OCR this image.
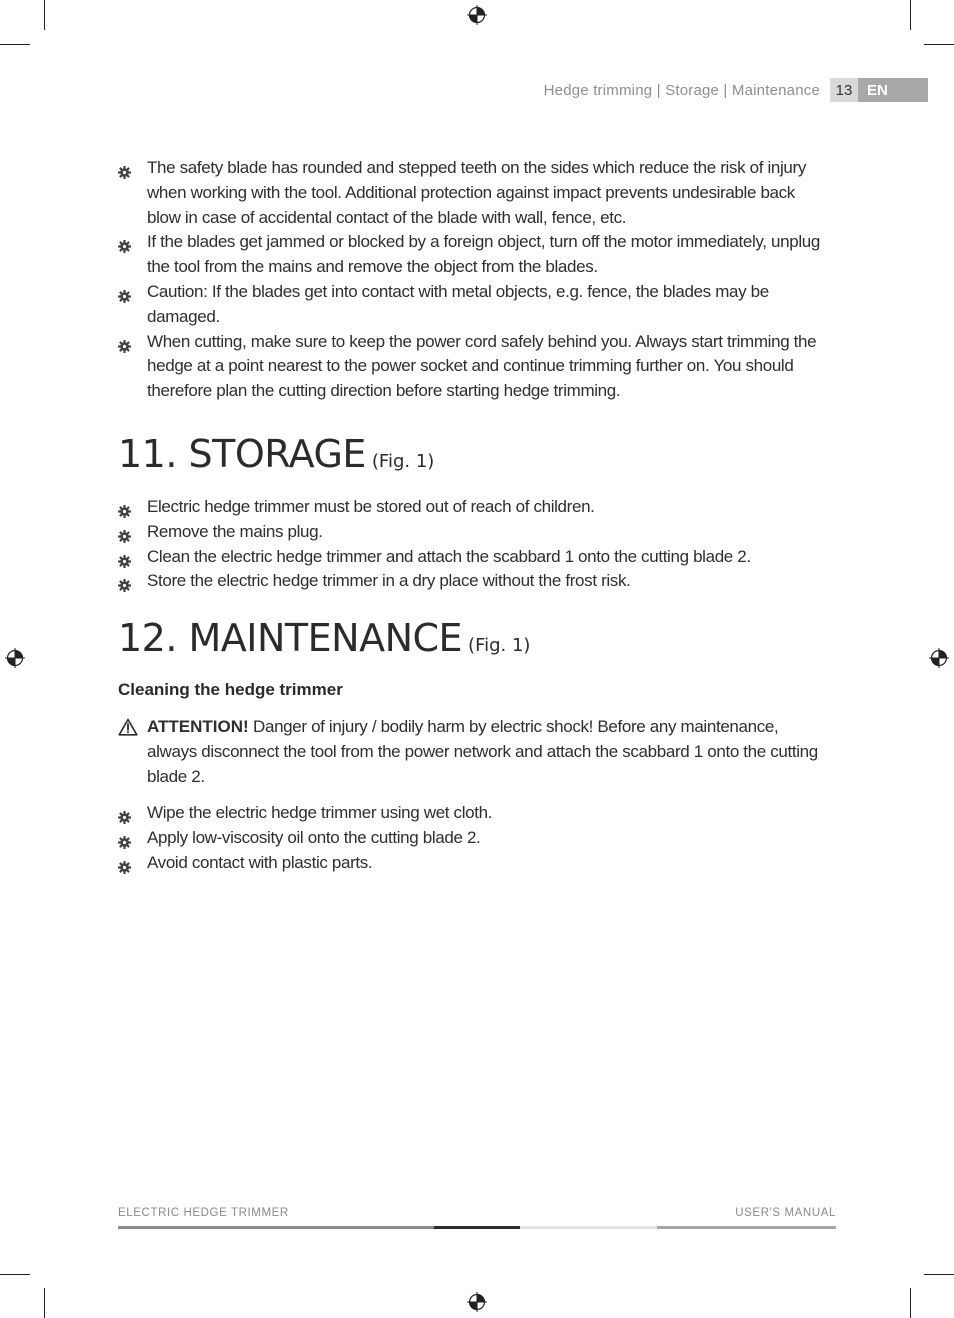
Hedge trimming | Storage | Maintenance	13 EN
The safety blade has rounded and stepped teeth on the sides which reduce the risk of injury when working with the tool. Additional protection against impact prevents undesirable back blow in case of accidental contact of the blade with wall, fence, etc.
If the blades get jammed or blocked by a foreign object, turn off the motor immediately, unplug the tool from the mains and remove the object from the blades.
Caution: If the blades get into contact with metal objects, e.g. fence, the blades may be damaged.
When cutting, make sure to keep the power cord safely behind you. Always start trimming the hedge at a point nearest to the power socket and continue trimming further on. You should therefore plan the cutting direction before starting hedge trimming.
11. STORAGE (Fig. 1)
Electric hedge trimmer must be stored out of reach of children.
Remove the mains plug.
Clean the electric hedge trimmer and attach the scabbard 1 onto the cutting blade 2.
Store the electric hedge trimmer in a dry place without the frost risk.
12. MAINTENANCE (Fig. 1)
Cleaning the hedge trimmer
ATTENTION! Danger of injury / bodily harm by electric shock! Before any maintenance, always disconnect the tool from the power network and attach the scabbard 1 onto the cutting blade 2.
Wipe the electric hedge trimmer using wet cloth.
Apply low-viscosity oil onto the cutting blade 2.
Avoid contact with plastic parts.
ELECTRIC HEDGE TRIMMER	USER'S MANUAL
